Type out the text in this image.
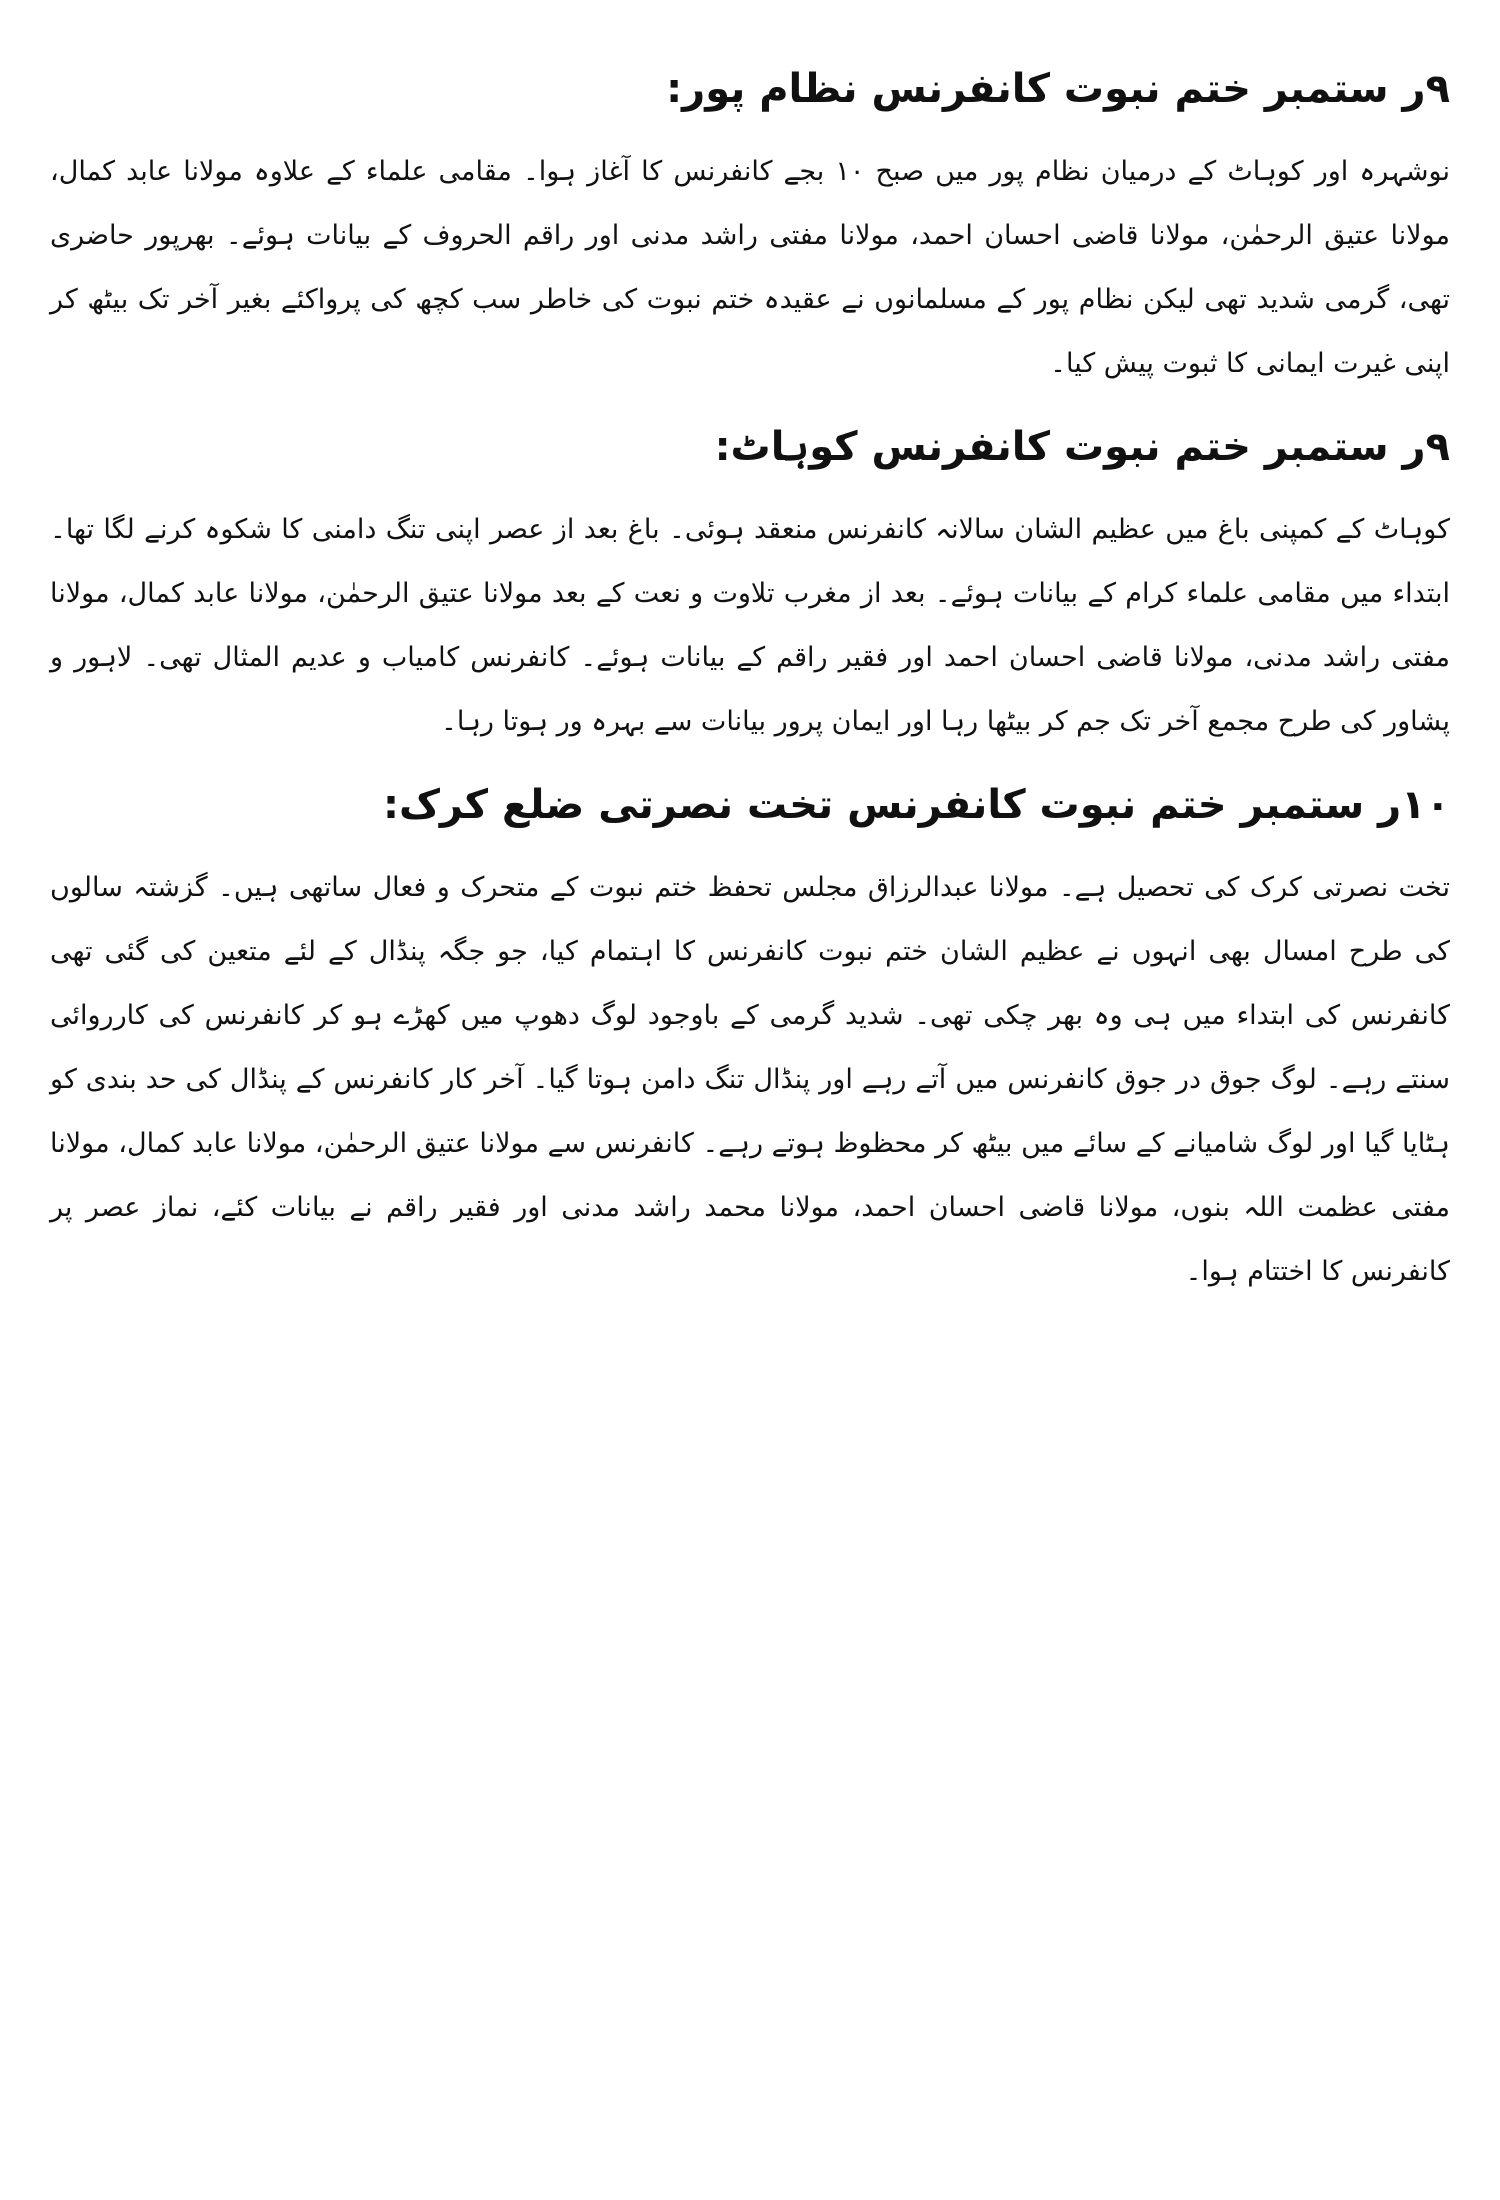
۹ر ستمبر ختم نبوت کانفرنس نظام پور:

نوشہرہ اور کوہاٹ کے درمیان نظام پور میں صبح ۱۰ بجے کانفرنس کا آغاز ہوا۔ مقامی علماء کے علاوہ مولانا عابد کمال، مولانا عتیق الرحمٰن، مولانا قاضی احسان احمد، مولانا مفتی راشد مدنی اور راقم الحروف کے بیانات ہوئے۔ بھرپور حاضری تھی، گرمی شدید تھی لیکن نظام پور کے مسلمانوں نے عقیدہ ختم نبوت کی خاطر سب کچھ کی پرواکئے بغیر آخر تک بیٹھ کر اپنی غیرت ایمانی کا ثبوت پیش کیا۔

۹ر ستمبر ختم نبوت کانفرنس کوہاٹ:

کوہاٹ کے کمپنی باغ میں عظیم الشان سالانہ کانفرنس منعقد ہوئی۔ باغ بعد از عصر اپنی تنگ دامنی کا شکوہ کرنے لگا تھا۔ ابتداء میں مقامی علماء کرام کے بیانات ہوئے۔ بعد از مغرب تلاوت و نعت کے بعد مولانا عتیق الرحمٰن، مولانا عابد کمال، مولانا مفتی راشد مدنی، مولانا قاضی احسان احمد اور فقیر راقم کے بیانات ہوئے۔ کانفرنس کامیاب و عدیم المثال تھی۔ لاہور و پشاور کی طرح مجمع آخر تک جم کر بیٹھا رہا اور ایمان پرور بیانات سے بہرہ ور ہوتا رہا۔

۱۰ر ستمبر ختم نبوت کانفرنس تخت نصرتی ضلع کرک:

تخت نصرتی کرک کی تحصیل ہے۔ مولانا عبدالرزاق مجلس تحفظ ختم نبوت کے متحرک و فعال ساتھی ہیں۔ گزشتہ سالوں کی طرح امسال بھی انہوں نے عظیم الشان ختم نبوت کانفرنس کا اہتمام کیا، جو جگہ پنڈال کے لئے متعین کی گئی تھی کانفرنس کی ابتداء میں ہی وہ بھر چکی تھی۔ شدید گرمی کے باوجود لوگ دھوپ میں کھڑے ہو کر کانفرنس کی کارروائی سنتے رہے۔ لوگ جوق در جوق کانفرنس میں آتے رہے اور پنڈال تنگ دامن ہوتا گیا۔ آخر کار کانفرنس کے پنڈال کی حد بندی کو ہٹایا گیا اور لوگ شامیانے کے سائے میں بیٹھ کر محظوظ ہوتے رہے۔ کانفرنس سے مولانا عتیق الرحمٰن، مولانا عابد کمال، مولانا مفتی عظمت اللہ بنوں، مولانا قاضی احسان احمد، مولانا محمد راشد مدنی اور فقیر راقم نے بیانات کئے، نماز عصر پر کانفرنس کا اختتام ہوا۔
